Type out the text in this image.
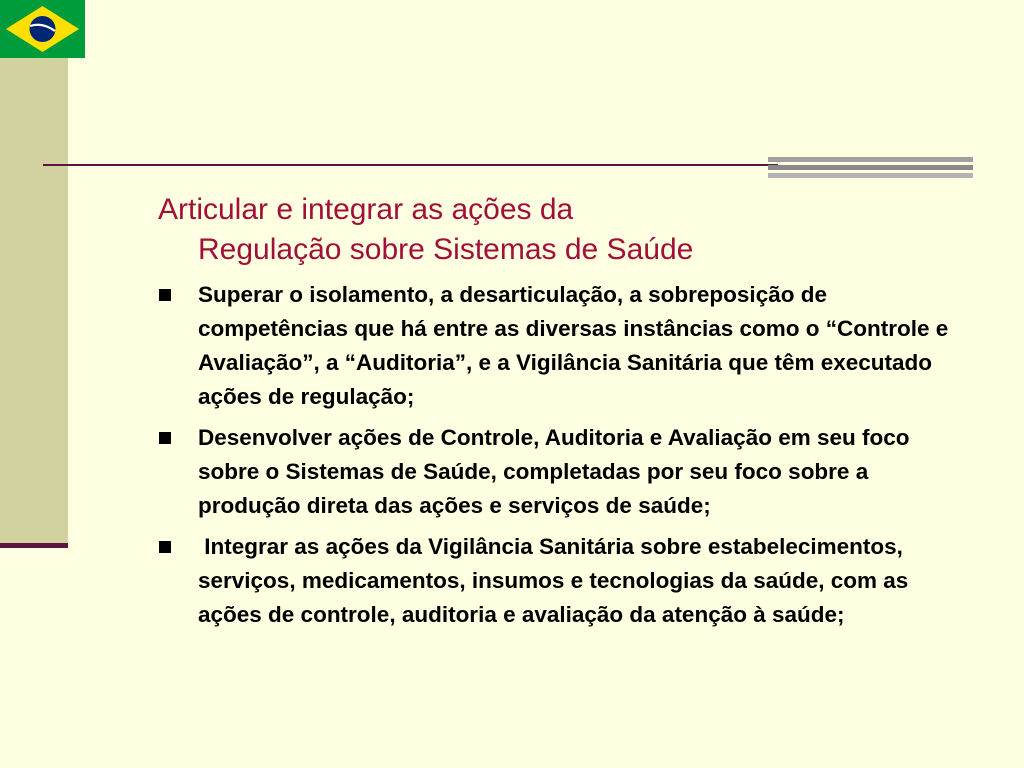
Articular e integrar as ações da
Regulação sobre Sistemas de Saúde
Superar o isolamento, a desarticulação, a sobreposição de competências que há entre as diversas instâncias como o “Controle e Avaliação”, a “Auditoria”, e a Vigilância Sanitária que têm executado ações de regulação;
Desenvolver ações de Controle, Auditoria e Avaliação em seu foco sobre o Sistemas de Saúde, completadas por seu foco sobre a produção direta das ações e serviços de saúde;
Integrar as ações da Vigilância Sanitária sobre estabelecimentos, serviços, medicamentos, insumos e tecnologias da saúde, com as ações de controle, auditoria e avaliação da atenção à saúde;
